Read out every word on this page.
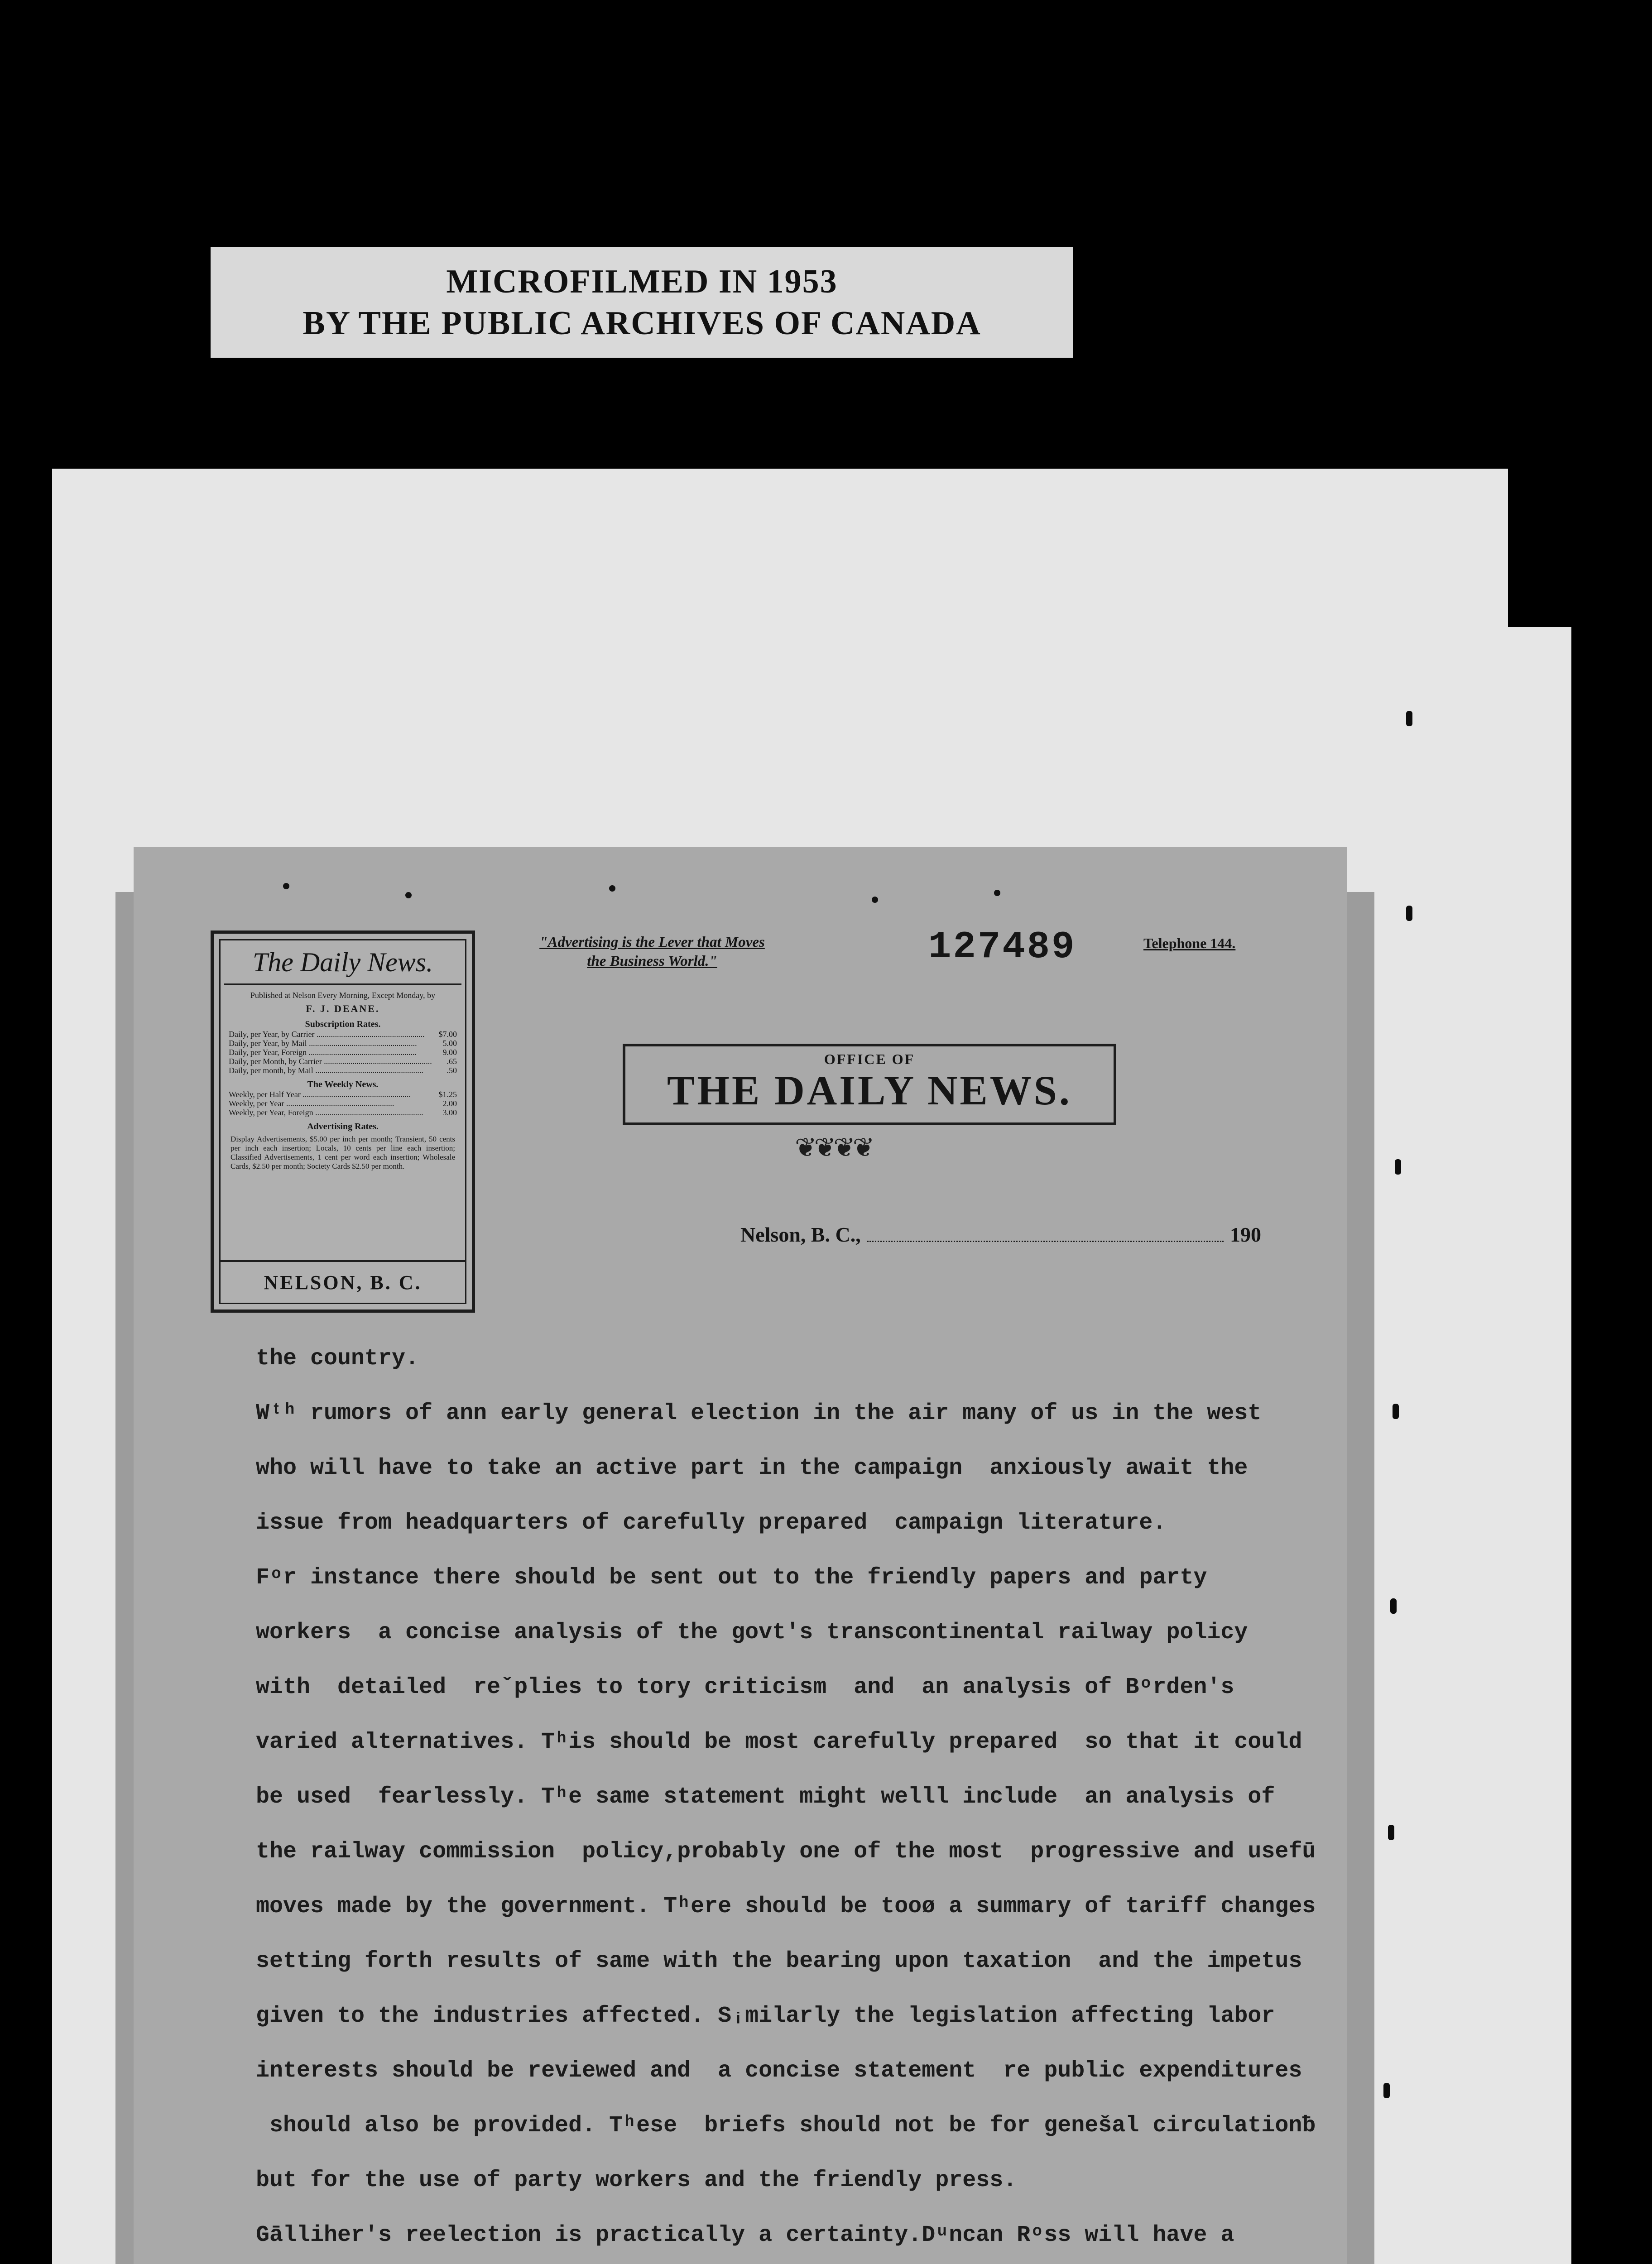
MICROFILMED IN 1953
BY THE PUBLIC ARCHIVES OF CANADA
The Daily News.
Published at Nelson Every Morning, Except Monday, by
F. J. DEANE.
Subscription Rates.
Daily, per Year, by Carrier .....	$7.00
Daily, per Year, by Mail .....	5.00
Daily, per Year, Foreign .....	9.00
Daily, per Month, by Carrier .....	.65
Daily, per month, by Mail .....	.50
The Weekly News.
Weekly, per Half Year .....	$1.25
Weekly, per Year .....	2.00
Weekly, per Year, Foreign .....	3.00
Advertising Rates.
Display Advertisements, $5.00 per inch per month; Transient, 50 cents per inch each insertion; Locals, 10 cents per line each insertion; Classified Advertisements, 1 cent per word each insertion; Wholesale Cards, $2.50 per month; Society Cards $2.50 per month.
NELSON, B. C.
"Advertising is the Lever that Moves
the Business World."	127489	Telephone 144.
OFFICE OF
THE DAILY NEWS.
❦❦❦❦
Nelson, B. C.,	190
the country.
Wᵗʰ rumors of ann early general election in the air many of us in the west
who will have to take an active part in the campaign  anxiously await the
issue from headquarters of carefully prepared  campaign literature.
Fᵒr instance there should be sent out to the friendly papers and party
workers  a concise analysis of the govt's transcontinental railway policy
with  detailed  reˇplies to tory criticism  and  an analysis of Bᵒrden's
varied alternatives. Tʰis should be most carefully prepared  so that it could
be used  fearlessly. Tʰe same statement might welll include  an analysis of
the railway commission  policy,probably one of the most  progressive and usefū
moves made by the government. Tʰere should be tooø a summary of tariff changes
setting forth results of same with the bearing upon taxation  and the impetus
given to the industries affected. Sᵢmilarly the legislation affecting labor
interests should be reviewed and  a concise statement  re public expenditures
should also be provided. Tʰese  briefs should not be for genešal circulationƀ
but for the use of party workers and the friendly press.
Gālliher's reelection is practically a certainty.Dᵘncan Rᵒss will have a
